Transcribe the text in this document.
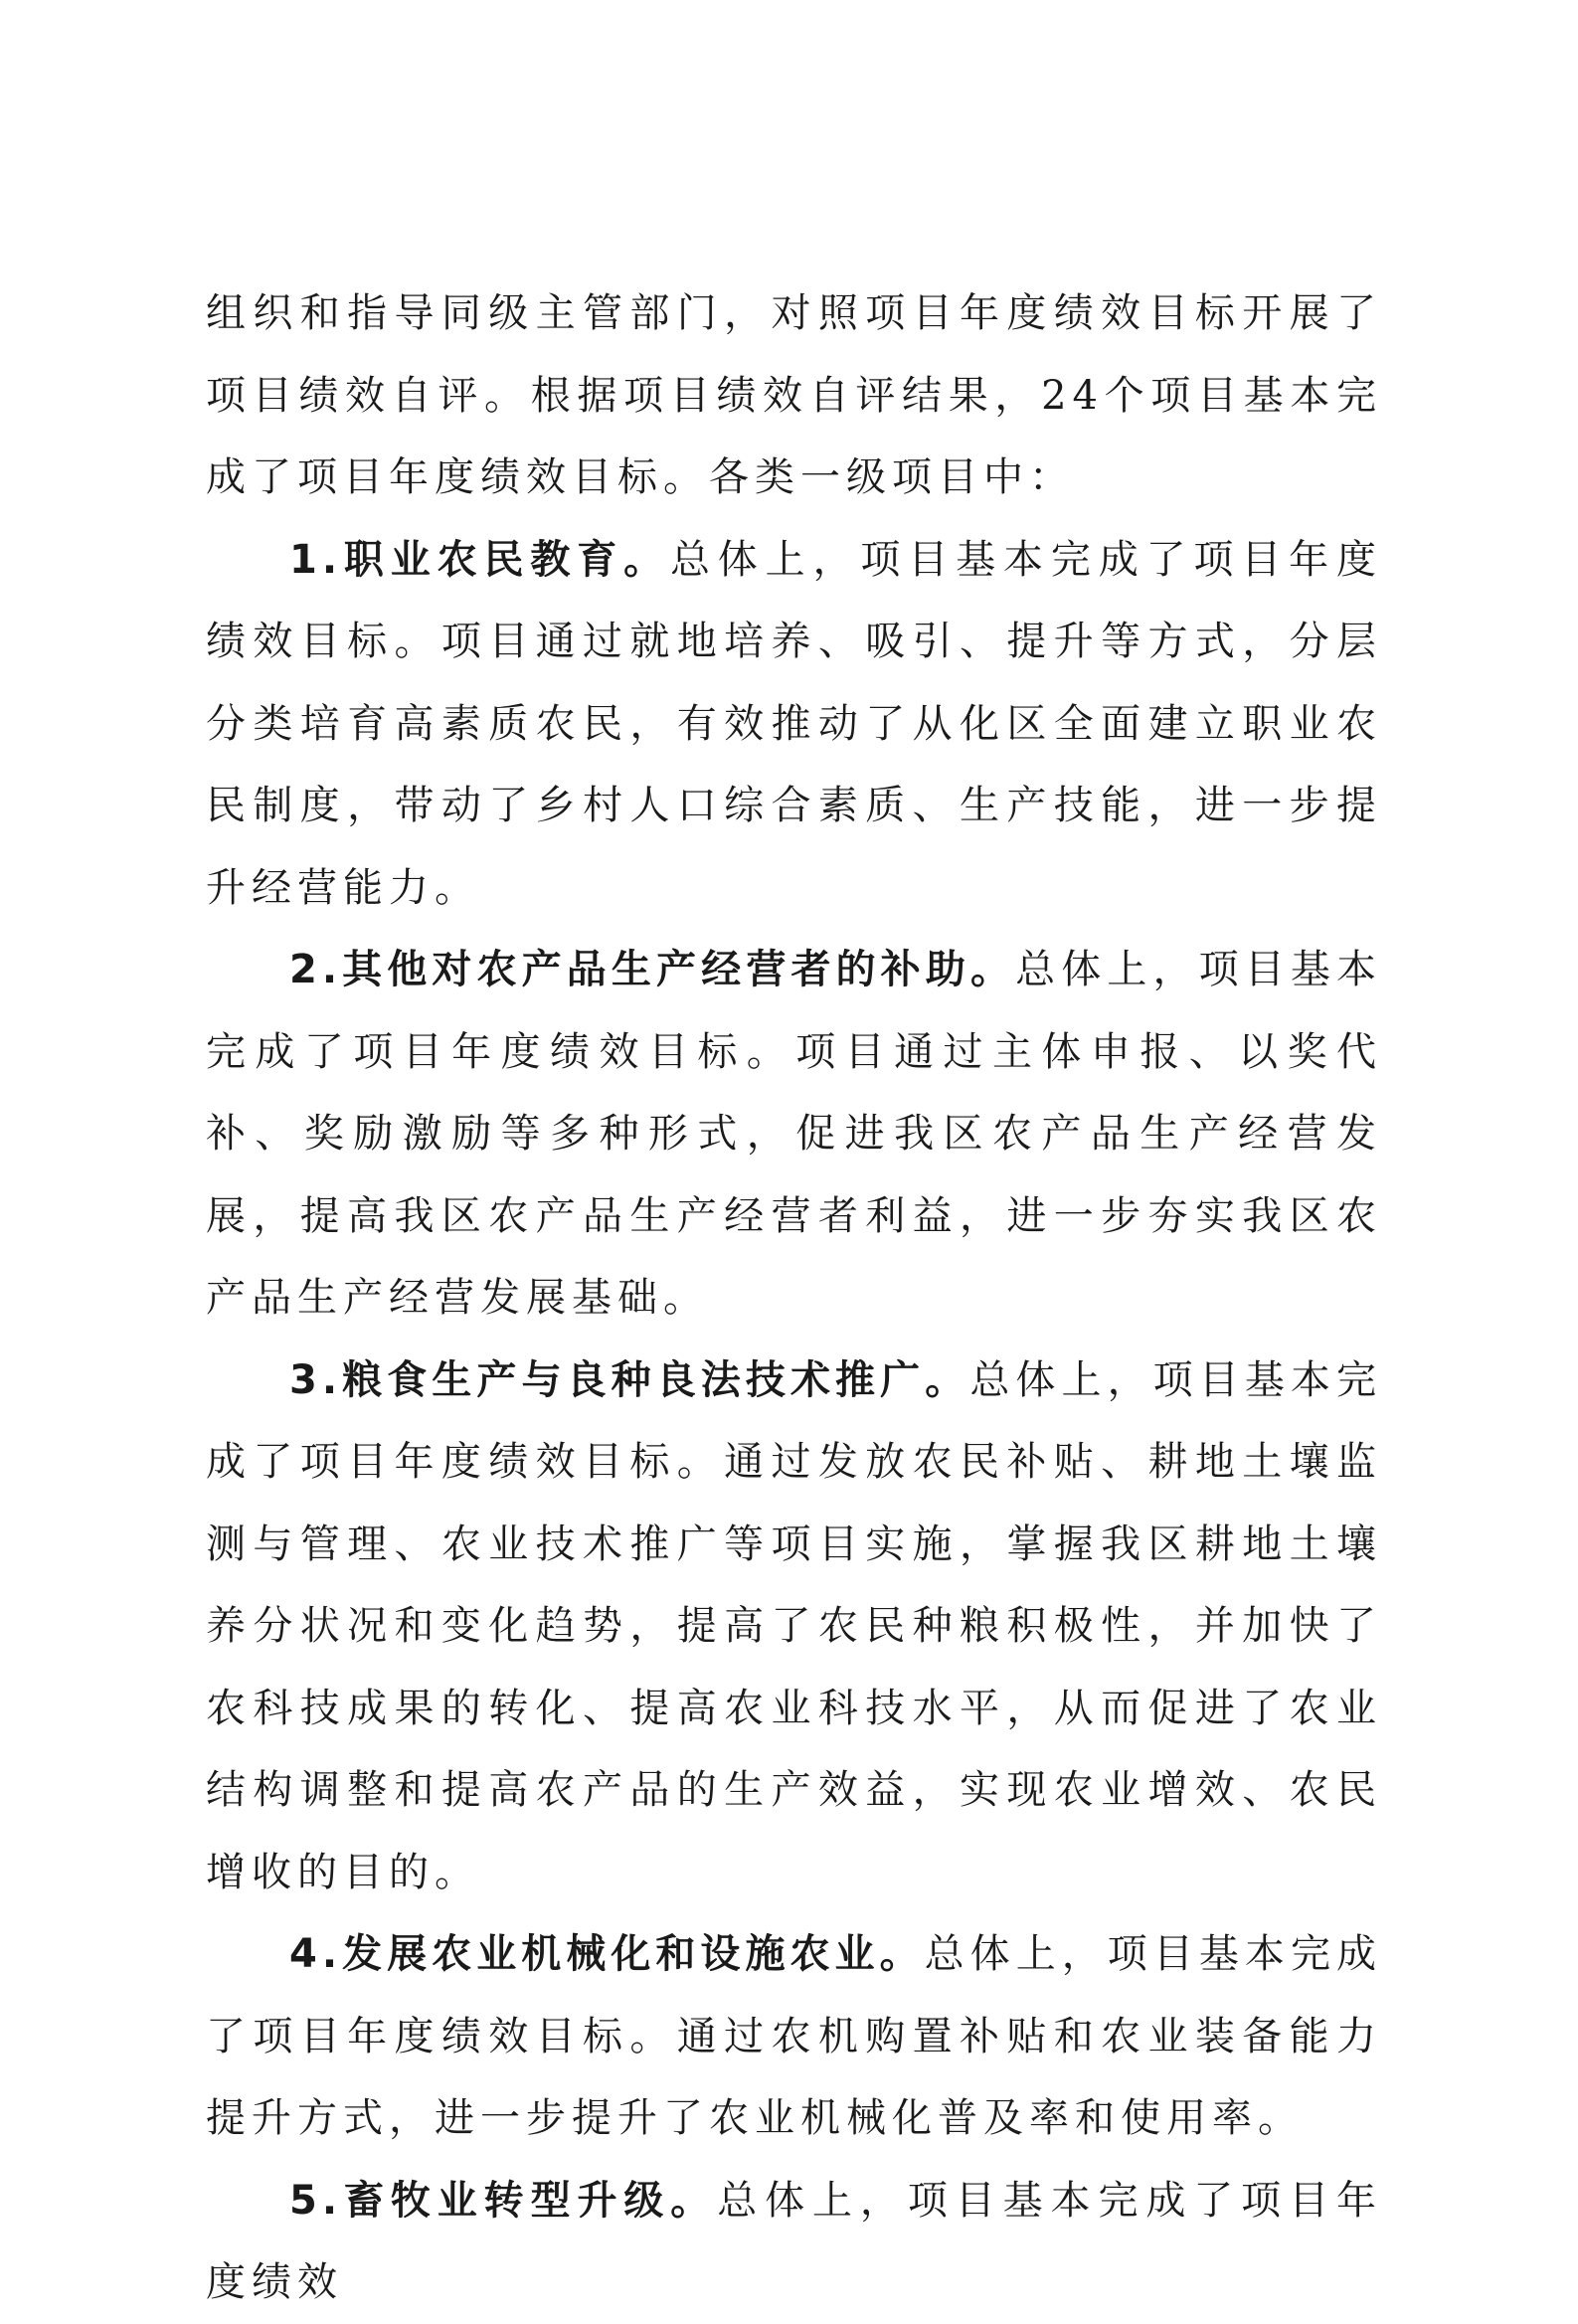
组织和指导同级主管部门，对照项目年度绩效目标开展了项目绩效自评。根据项目绩效自评结果，24个项目基本完成了项目年度绩效目标。各类一级项目中：

1.职业农民教育。总体上，项目基本完成了项目年度绩效目标。项目通过就地培养、吸引、提升等方式，分层分类培育高素质农民，有效推动了从化区全面建立职业农民制度，带动了乡村人口综合素质、生产技能，进一步提升经营能力。

2.其他对农产品生产经营者的补助。总体上，项目基本完成了项目年度绩效目标。项目通过主体申报、以奖代补、奖励激励等多种形式，促进我区农产品生产经营发展，提高我区农产品生产经营者利益，进一步夯实我区农产品生产经营发展基础。

3.粮食生产与良种良法技术推广。总体上，项目基本完成了项目年度绩效目标。通过发放农民补贴、耕地土壤监测与管理、农业技术推广等项目实施，掌握我区耕地土壤养分状况和变化趋势，提高了农民种粮积极性，并加快了农科技成果的转化、提高农业科技水平，从而促进了农业结构调整和提高农产品的生产效益，实现农业增效、农民增收的目的。

4.发展农业机械化和设施农业。总体上，项目基本完成了项目年度绩效目标。通过农机购置补贴和农业装备能力提升方式，进一步提升了农业机械化普及率和使用率。

5.畜牧业转型升级。总体上，项目基本完成了项目年度绩效
